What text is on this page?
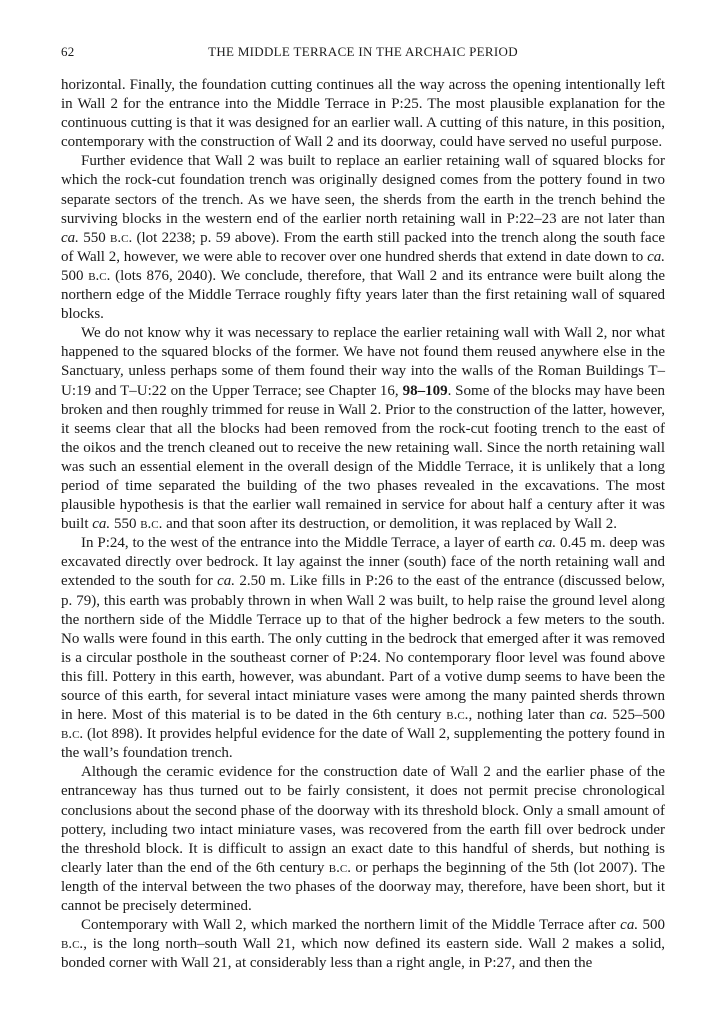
62	THE MIDDLE TERRACE IN THE ARCHAIC PERIOD

horizontal. Finally, the foundation cutting continues all the way across the opening intentionally left in Wall 2 for the entrance into the Middle Terrace in P:25. The most plausible explanation for the continuous cutting is that it was designed for an earlier wall. A cutting of this nature, in this position, contemporary with the construction of Wall 2 and its doorway, could have served no useful purpose.

Further evidence that Wall 2 was built to replace an earlier retaining wall of squared blocks for which the rock-cut foundation trench was originally designed comes from the pottery found in two separate sectors of the trench. As we have seen, the sherds from the earth in the trench behind the surviving blocks in the western end of the earlier north retaining wall in P:22–23 are not later than ca. 550 b.c. (lot 2238; p. 59 above). From the earth still packed into the trench along the south face of Wall 2, however, we were able to recover over one hundred sherds that extend in date down to ca. 500 b.c. (lots 876, 2040). We conclude, therefore, that Wall 2 and its entrance were built along the northern edge of the Middle Terrace roughly fifty years later than the first retaining wall of squared blocks.

We do not know why it was necessary to replace the earlier retaining wall with Wall 2, nor what happened to the squared blocks of the former. We have not found them reused anywhere else in the Sanctuary, unless perhaps some of them found their way into the walls of the Roman Buildings T–U:19 and T–U:22 on the Upper Terrace; see Chapter 16, 98–109. Some of the blocks may have been broken and then roughly trimmed for reuse in Wall 2. Prior to the construction of the latter, however, it seems clear that all the blocks had been removed from the rock-cut footing trench to the east of the oikos and the trench cleaned out to receive the new retaining wall. Since the north retaining wall was such an essential element in the overall design of the Middle Terrace, it is unlikely that a long period of time separated the building of the two phases revealed in the excavations. The most plausible hypothesis is that the earlier wall remained in service for about half a century after it was built ca. 550 b.c. and that soon after its destruction, or demolition, it was replaced by Wall 2.

In P:24, to the west of the entrance into the Middle Terrace, a layer of earth ca. 0.45 m. deep was excavated directly over bedrock. It lay against the inner (south) face of the north retaining wall and extended to the south for ca. 2.50 m. Like fills in P:26 to the east of the entrance (discussed below, p. 79), this earth was probably thrown in when Wall 2 was built, to help raise the ground level along the northern side of the Middle Terrace up to that of the higher bedrock a few meters to the south. No walls were found in this earth. The only cutting in the bedrock that emerged after it was removed is a circular posthole in the southeast corner of P:24. No contemporary floor level was found above this fill. Pottery in this earth, however, was abundant. Part of a votive dump seems to have been the source of this earth, for several intact miniature vases were among the many painted sherds thrown in here. Most of this material is to be dated in the 6th century b.c., nothing later than ca. 525–500 b.c. (lot 898). It provides helpful evidence for the date of Wall 2, supplementing the pottery found in the wall’s foundation trench.

Although the ceramic evidence for the construction date of Wall 2 and the earlier phase of the entranceway has thus turned out to be fairly consistent, it does not permit precise chronological conclusions about the second phase of the doorway with its threshold block. Only a small amount of pottery, including two intact miniature vases, was recovered from the earth fill over bedrock under the threshold block. It is difficult to assign an exact date to this handful of sherds, but nothing is clearly later than the end of the 6th century b.c. or perhaps the beginning of the 5th (lot 2007). The length of the interval between the two phases of the doorway may, therefore, have been short, but it cannot be precisely determined.

Contemporary with Wall 2, which marked the northern limit of the Middle Terrace after ca. 500 b.c., is the long north–south Wall 21, which now defined its eastern side. Wall 2 makes a solid, bonded corner with Wall 21, at considerably less than a right angle, in P:27, and then the
